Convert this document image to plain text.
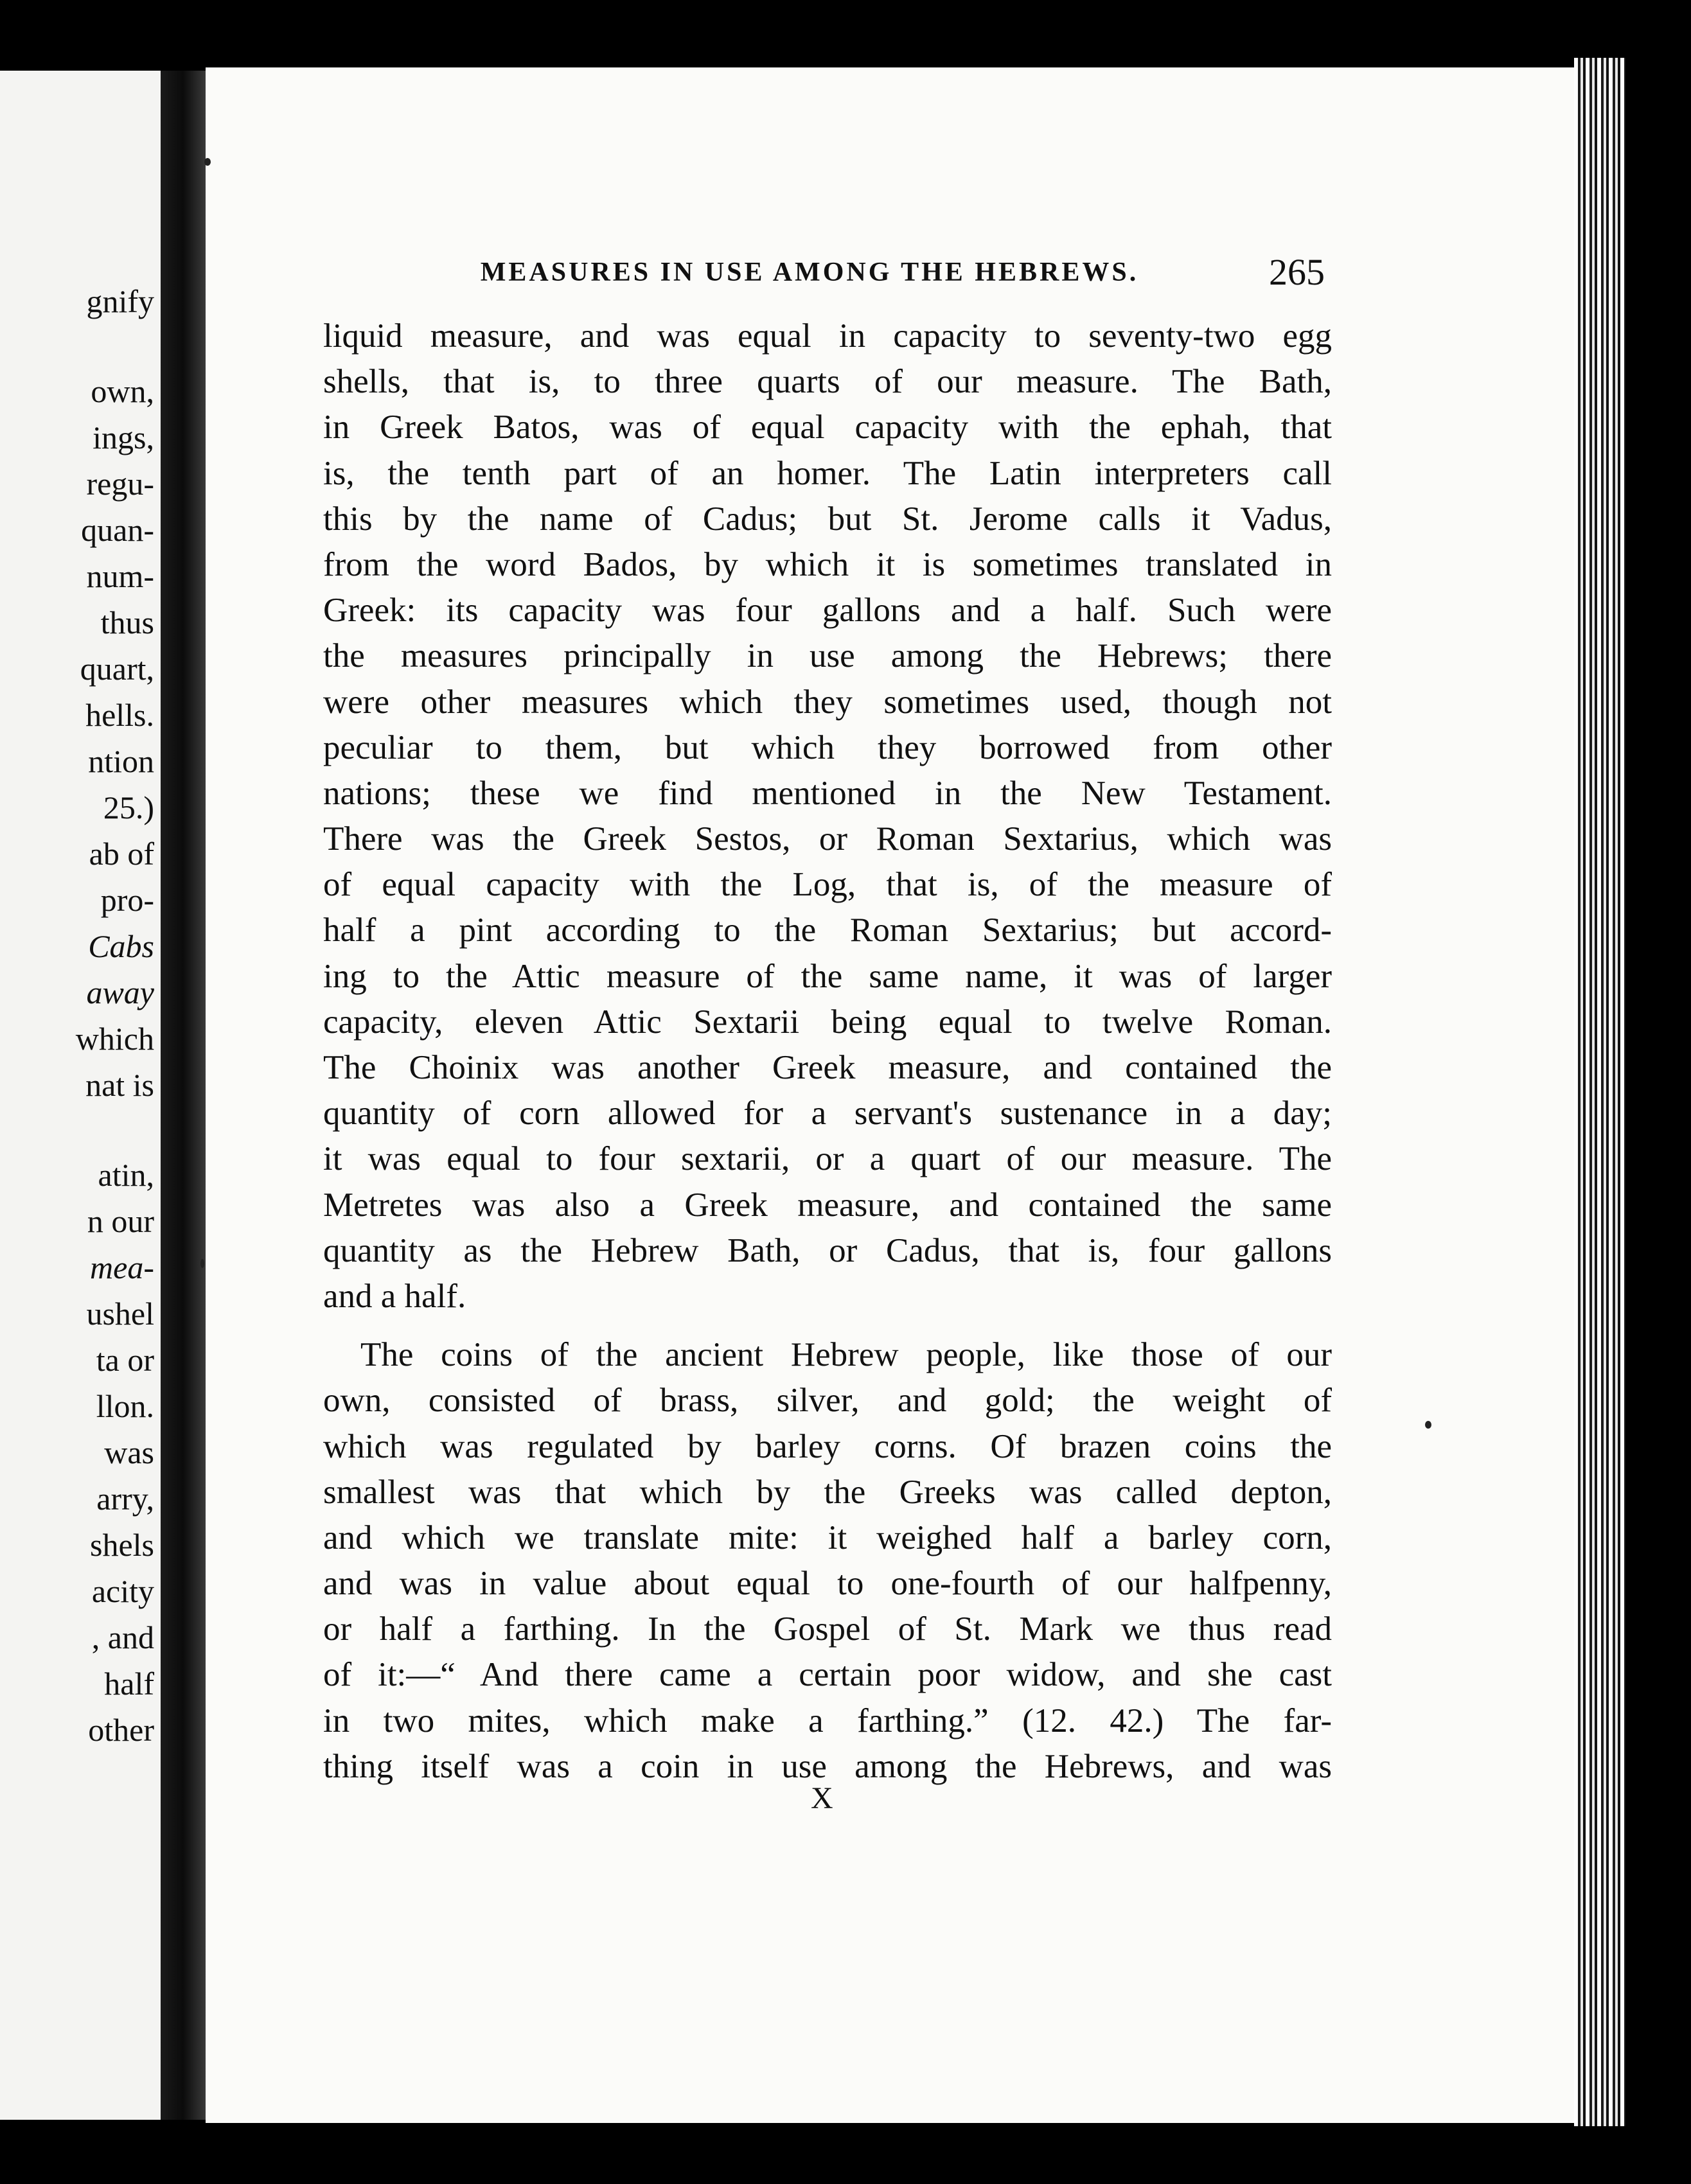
gnify
own,
ings,
regu-
quan-
num-
thus
quart,
hells.
ntion
25.)
ab of
pro-
Cabs
away
which
nat is
atin,
n our
mea-
ushel
ta or
llon.
was
arry,
shels
acity
, and
half
other
MEASURES IN USE AMONG THE HEBREWS.	265
liquid measure, and was equal in capacity to seventy-two egg
shells, that is, to three quarts of our measure. The Bath,
in Greek Batos, was of equal capacity with the ephah, that
is, the tenth part of an homer. The Latin interpreters call
this by the name of Cadus; but St. Jerome calls it Vadus,
from the word Bados, by which it is sometimes translated in
Greek: its capacity was four gallons and a half. Such were
the measures principally in use among the Hebrews; there
were other measures which they sometimes used, though not
peculiar to them, but which they borrowed from other
nations; these we find mentioned in the New Testament.
There was the Greek Sestos, or Roman Sextarius, which was
of equal capacity with the Log, that is, of the measure of
half a pint according to the Roman Sextarius; but accord-
ing to the Attic measure of the same name, it was of larger
capacity, eleven Attic Sextarii being equal to twelve Roman.
The Choinix was another Greek measure, and contained the
quantity of corn allowed for a servant's sustenance in a day;
it was equal to four sextarii, or a quart of our measure. The
Metretes was also a Greek measure, and contained the same
quantity as the Hebrew Bath, or Cadus, that is, four gallons
and a half.
The coins of the ancient Hebrew people, like those of our
own, consisted of brass, silver, and gold; the weight of
which was regulated by barley corns. Of brazen coins the
smallest was that which by the Greeks was called depton,
and which we translate mite: it weighed half a barley corn,
and was in value about equal to one-fourth of our halfpenny,
or half a farthing. In the Gospel of St. Mark we thus read
of it:—“ And there came a certain poor widow, and she cast
in two mites, which make a farthing.” (12. 42.) The far-
thing itself was a coin in use among the Hebrews, and was
X
